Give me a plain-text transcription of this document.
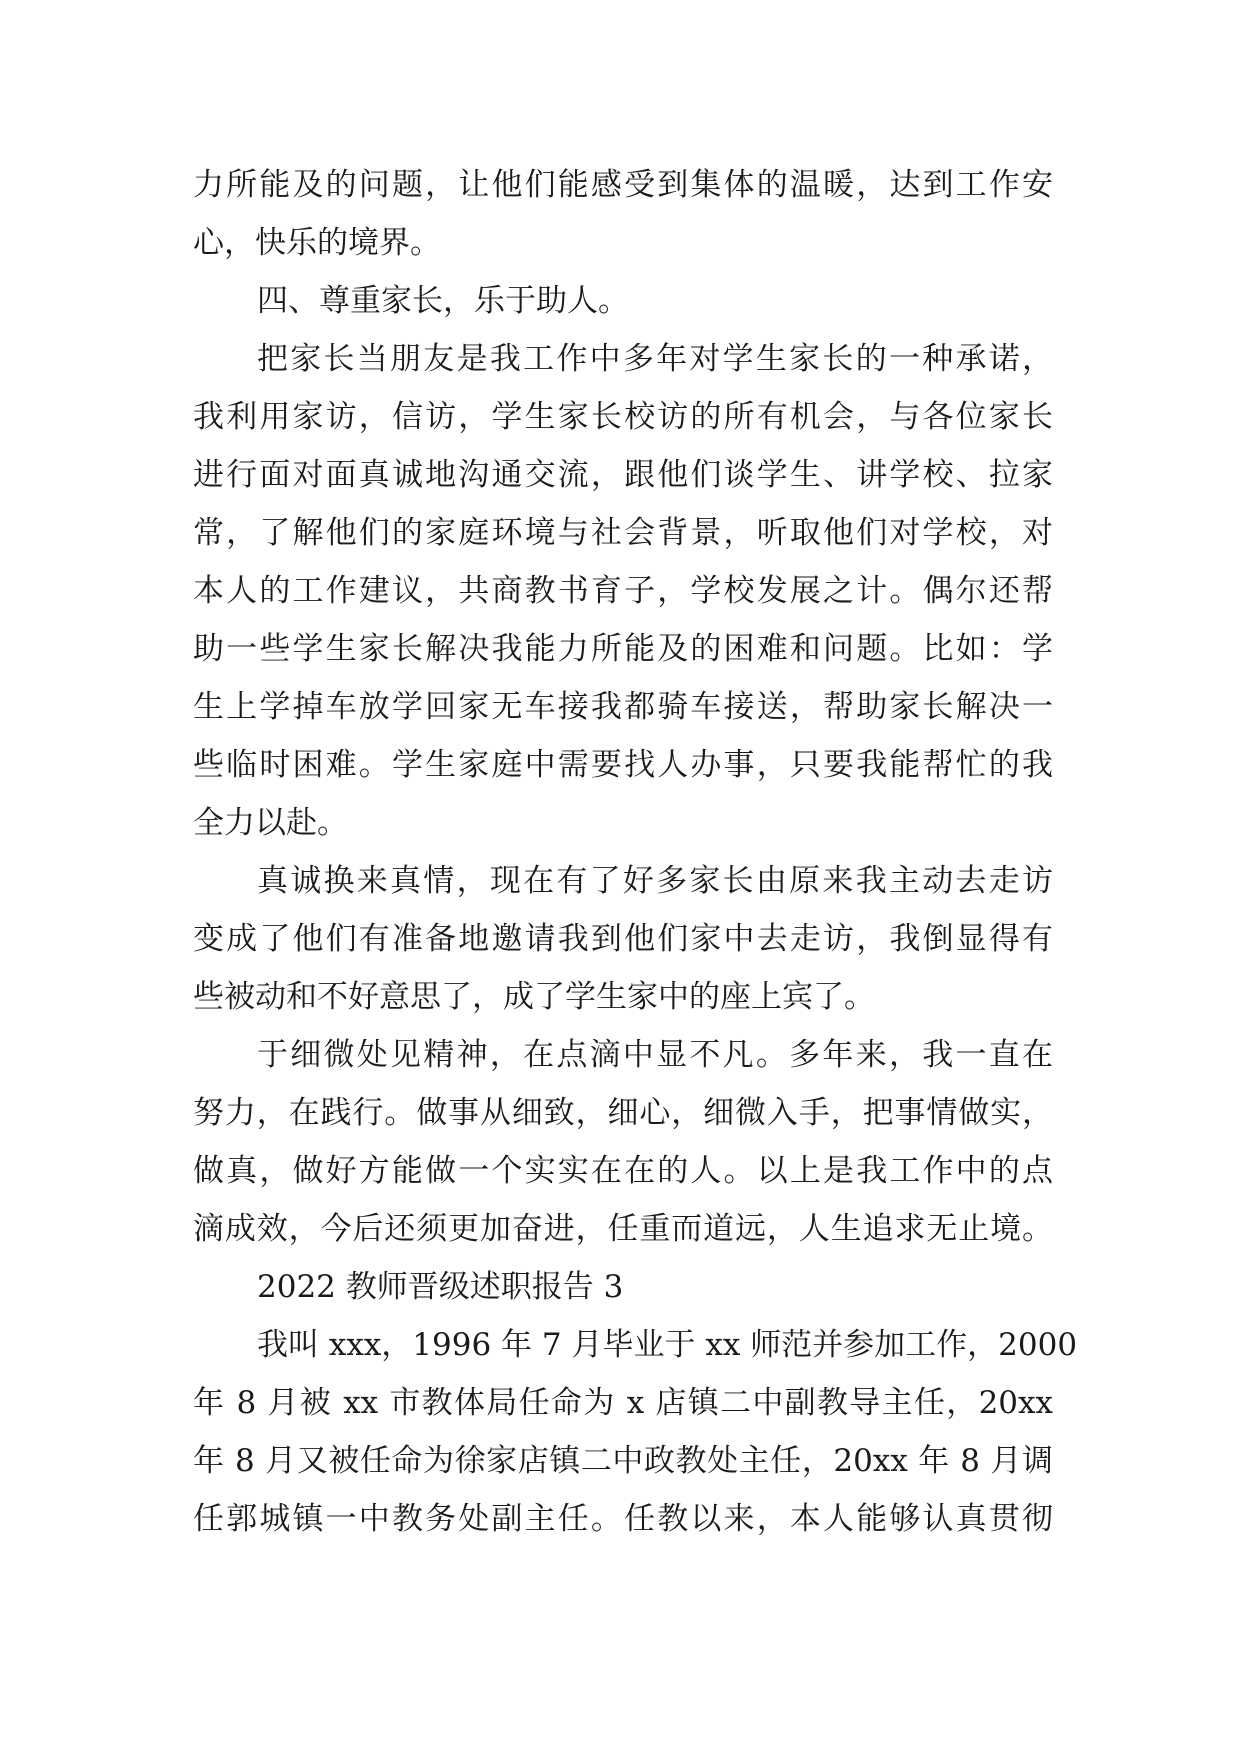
力所能及的问题，让他们能感受到集体的温暖，达到工作安
心，快乐的境界。
四、尊重家长，乐于助人。
把家长当朋友是我工作中多年对学生家长的一种承诺，
我利用家访，信访，学生家长校访的所有机会，与各位家长
进行面对面真诚地沟通交流，跟他们谈学生、讲学校、拉家
常，了解他们的家庭环境与社会背景，听取他们对学校，对
本人的工作建议，共商教书育子，学校发展之计。偶尔还帮
助一些学生家长解决我能力所能及的困难和问题。比如：学
生上学掉车放学回家无车接我都骑车接送，帮助家长解决一
些临时困难。学生家庭中需要找人办事，只要我能帮忙的我
全力以赴。
真诚换来真情，现在有了好多家长由原来我主动去走访
变成了他们有准备地邀请我到他们家中去走访，我倒显得有
些被动和不好意思了，成了学生家中的座上宾了。
于细微处见精神，在点滴中显不凡。多年来，我一直在
努力，在践行。做事从细致，细心，细微入手，把事情做实，
做真，做好方能做一个实实在在的人。以上是我工作中的点
滴成效，今后还须更加奋进，任重而道远，人生追求无止境。
2022 教师晋级述职报告 3
我叫 xxx，1996 年 7 月毕业于 xx 师范并参加工作，2000
年 8 月被 xx 市教体局任命为 x 店镇二中副教导主任，20xx
年 8 月又被任命为徐家店镇二中政教处主任，20xx 年 8 月调
任郭城镇一中教务处副主任。任教以来，本人能够认真贯彻
